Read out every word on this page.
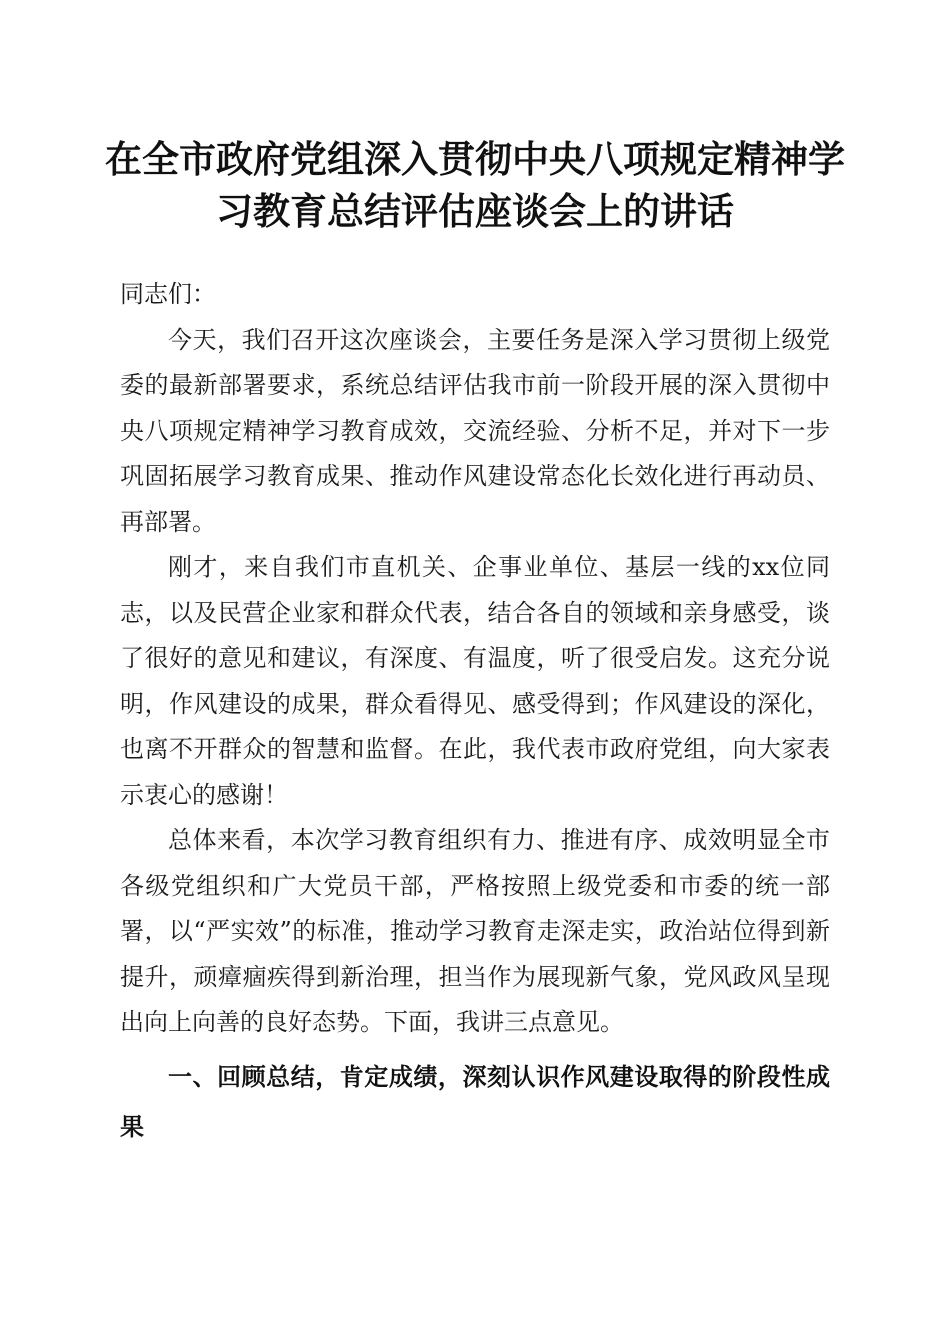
在全市政府党组深入贯彻中央八项规定精神学
习教育总结评估座谈会上的讲话

同志们：

今天，我们召开这次座谈会，主要任务是深入学习贯彻上级党委的最新部署要求，系统总结评估我市前一阶段开展的深入贯彻中央八项规定精神学习教育成效，交流经验、分析不足，并对下一步巩固拓展学习教育成果、推动作风建设常态化长效化进行再动员、再部署。

刚才，来自我们市直机关、企事业单位、基层一线的xx位同志，以及民营企业家和群众代表，结合各自的领域和亲身感受，谈了很好的意见和建议，有深度、有温度，听了很受启发。这充分说明，作风建设的成果，群众看得见、感受得到；作风建设的深化，也离不开群众的智慧和监督。在此，我代表市政府党组，向大家表示衷心的感谢！

总体来看，本次学习教育组织有力、推进有序、成效明显全市各级党组织和广大党员干部，严格按照上级党委和市委的统一部署，以“严实效”的标准，推动学习教育走深走实，政治站位得到新提升，顽瘴痼疾得到新治理，担当作为展现新气象，党风政风呈现出向上向善的良好态势。下面，我讲三点意见。

一、回顾总结，肯定成绩，深刻认识作风建设取得的阶段性成果
